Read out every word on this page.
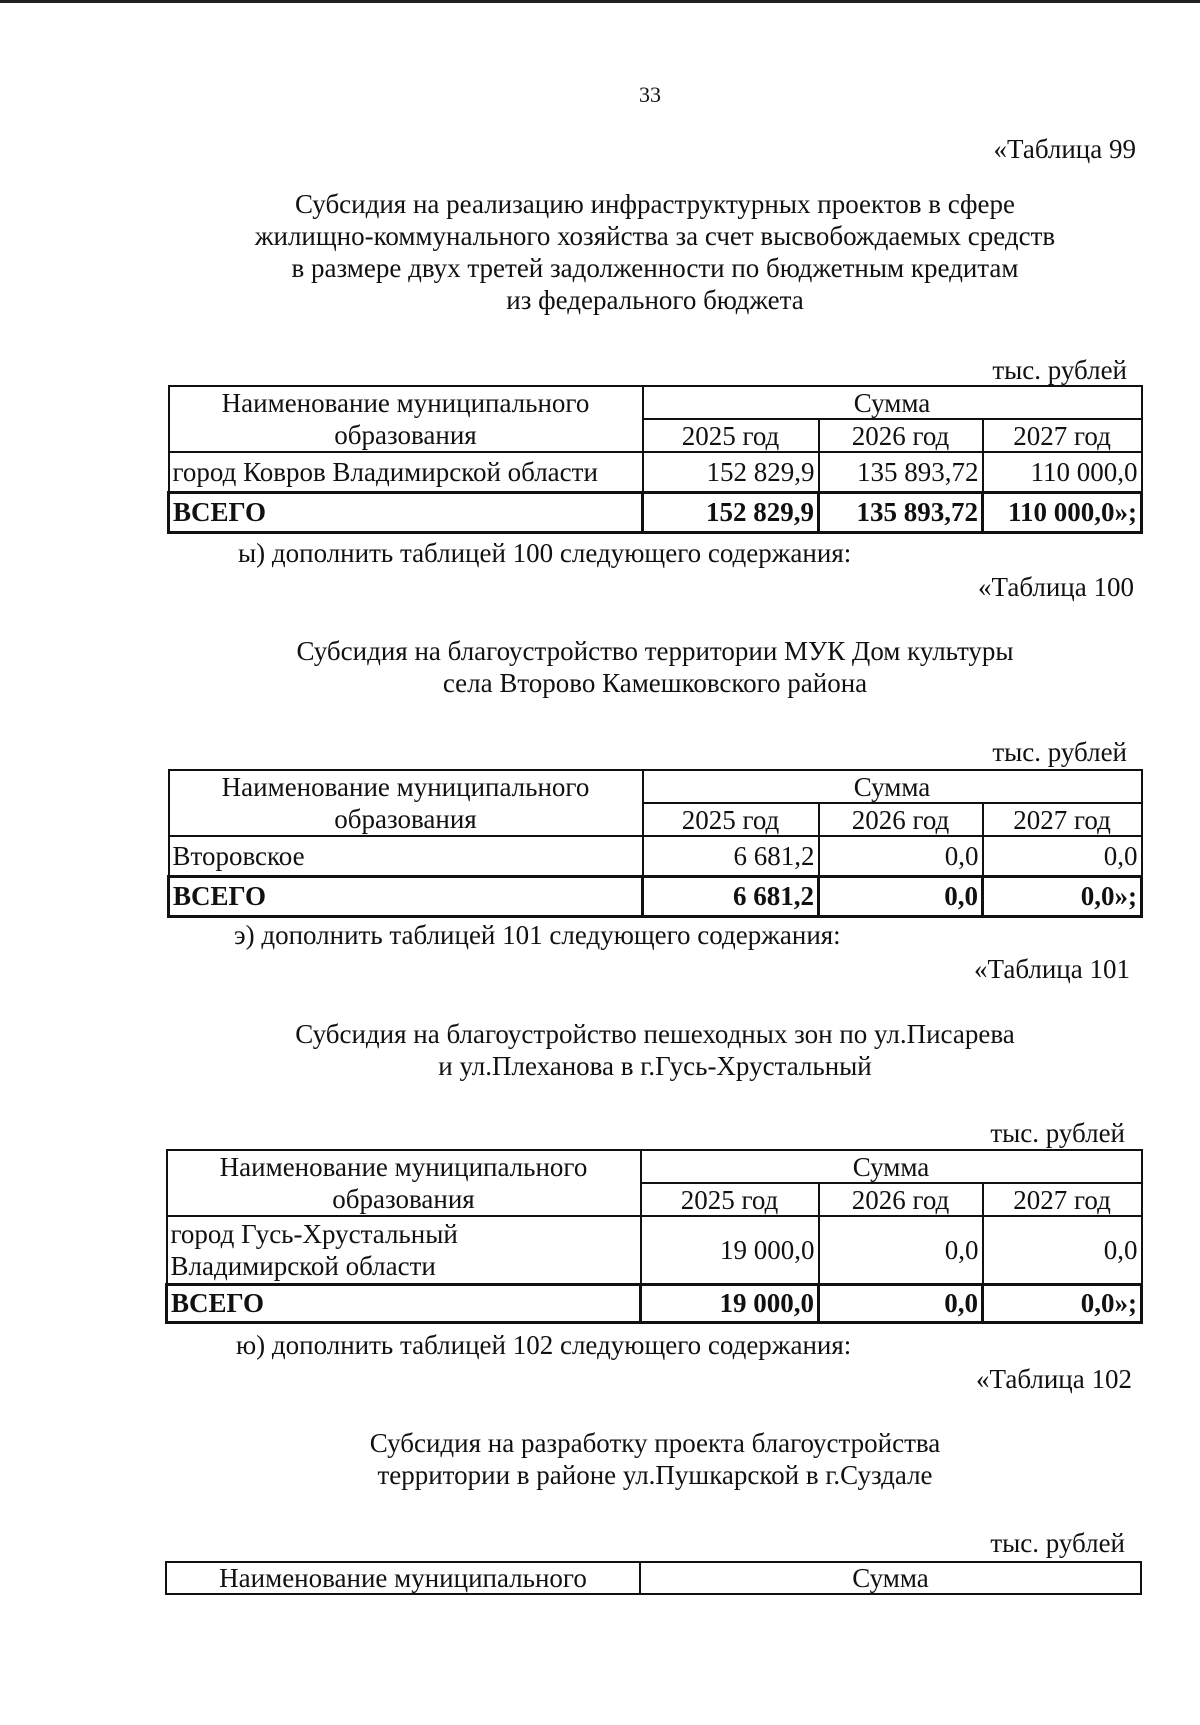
33
«Таблица 99
Субсидия на реализацию инфраструктурных проектов в сфере
жилищно-коммунального хозяйства за счет высвобождаемых средств
в размере двух третей задолженности по бюджетным кредитам
из федерального бюджета
тыс. рублей
Наименование муниципального образования	Сумма		
	2025 год	2026 год	2027 год
город Ковров Владимирской области	152 829,9	135 893,72	110 000,0
ВСЕГО	152 829,9	135 893,72	110 000,0»;
ы) дополнить таблицей 100 следующего содержания:
«Таблица 100
Субсидия на благоустройство территории МУК Дом культуры
села Второво Камешковского района
тыс. рублей
Наименование муниципального образования	Сумма		
	2025 год	2026 год	2027 год
Второвское	6 681,2	0,0	0,0
ВСЕГО	6 681,2	0,0	0,0»;
э) дополнить таблицей 101 следующего содержания:
«Таблица 101
Субсидия на благоустройство пешеходных зон по ул.Писарева
и ул.Плеханова в г.Гусь-Хрустальный
тыс. рублей
Наименование муниципального образования	Сумма		
	2025 год	2026 год	2027 год

город Гусь-Хрустальный
Владимирской области	19 000,0	0,0	0,0
ВСЕГО	19 000,0	0,0	0,0»;
ю) дополнить таблицей 102 следующего содержания:
«Таблица 102
Субсидия на разработку проекта благоустройства
территории в районе ул.Пушкарской в г.Суздале
тыс. рублей
Наименование муниципального	Сумма
